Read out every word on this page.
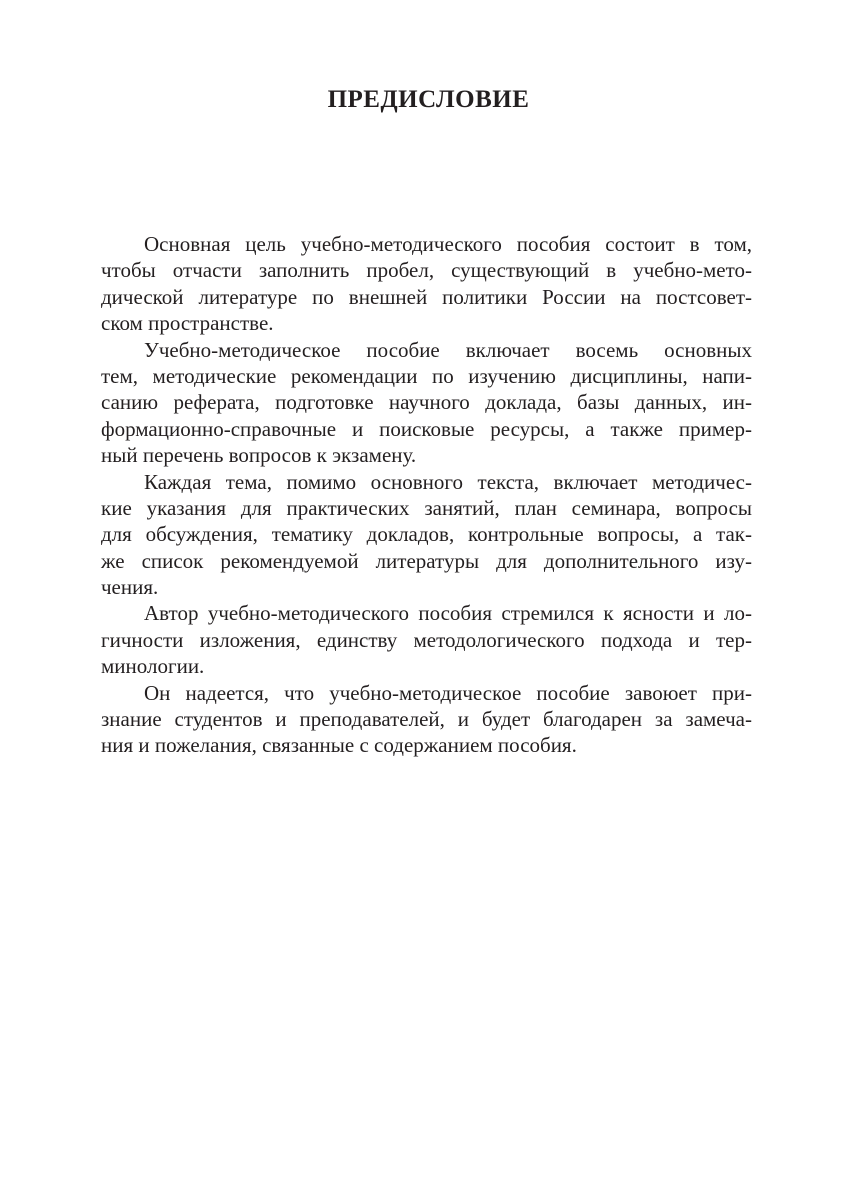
ПРЕДИСЛОВИЕ
Основная цель учебно-методического пособия состоит в том,
чтобы отчасти заполнить пробел, существующий в учебно-мето-
дической литературе по внешней политики России на постсовет-
ском пространстве.
Учебно-методическое пособие включает восемь основных
тем, методические рекомендации по изучению дисциплины, напи-
санию реферата, подготовке научного доклада, базы данных, ин-
формационно-справочные и поисковые ресурсы, а также пример-
ный перечень вопросов к экзамену.
Каждая тема, помимо основного текста, включает методичес-
кие указания для практических занятий, план семинара, вопросы
для обсуждения, тематику докладов, контрольные вопросы, а так-
же список рекомендуемой литературы для дополнительного изу-
чения.
Автор учебно-методического пособия стремился к ясности и ло-
гичности изложения, единству методологического подхода и тер-
минологии.
Он надеется, что учебно-методическое пособие завоюет при-
знание студентов и преподавателей, и будет благодарен за замеча-
ния и пожелания, связанные с содержанием пособия.
